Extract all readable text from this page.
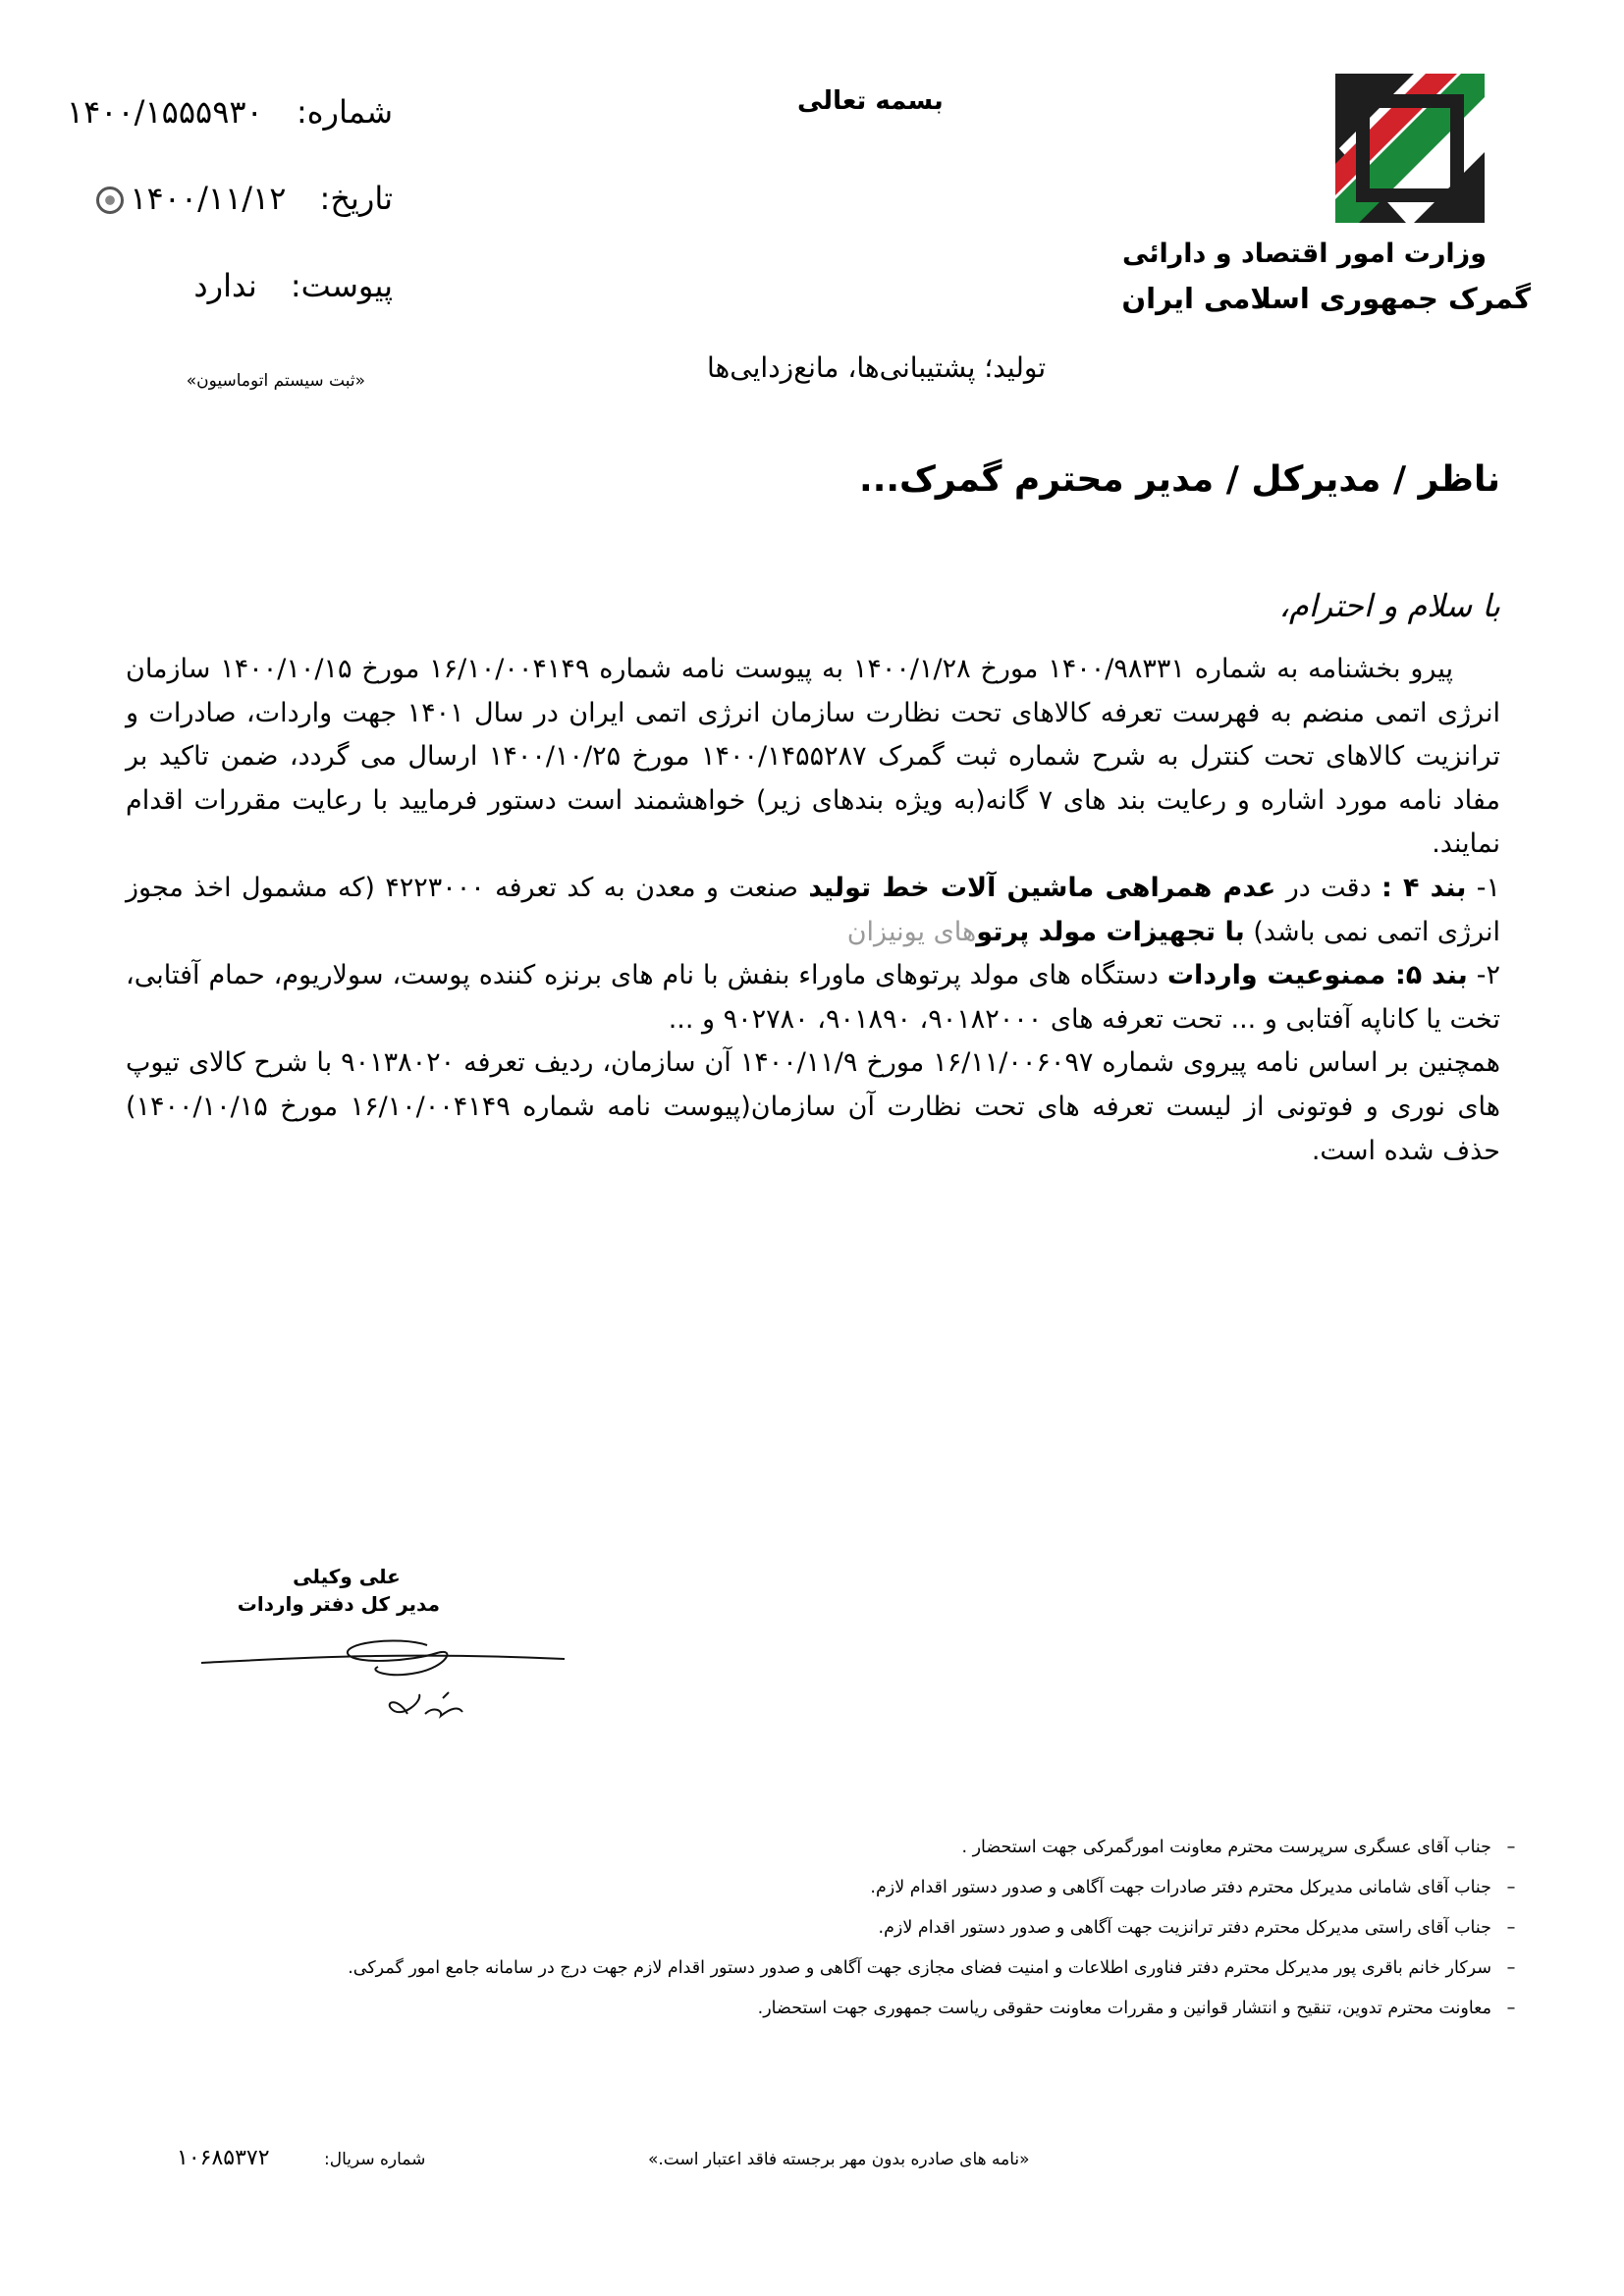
وزارت امور اقتصاد و دارائی
گمرک جمهوری اسلامی ایران
بسمه تعالی
شماره: ۱۴۰۰/۱۵۵۵۹۳۰
تاریخ: ۱۴۰۰/۱۱/۱۲
پیوست: ندارد
«ثبت سیستم اتوماسیون»	تولید؛ پشتیبانی‌ها، مانع‌زدایی‌ها
ناظر / مدیرکل / مدیر محترم گمرک...
با سلام و احترام،

پیرو بخشنامه به شماره ۱۴۰۰/۹۸۳۳۱ مورخ ۱۴۰۰/۱/۲۸ به پیوست نامه شماره ۱۶/۱۰/۰۰۴۱۴۹ مورخ ۱۴۰۰/۱۰/۱۵ سازمان انرژی اتمی منضم به فهرست تعرفه کالاهای تحت نظارت سازمان انرژی اتمی ایران در سال ۱۴۰۱ جهت واردات، صادرات و ترانزیت کالاهای تحت کنترل به شرح شماره ثبت گمرک ۱۴۰۰/۱۴۵۵۲۸۷ مورخ ۱۴۰۰/۱۰/۲۵ ارسال می گردد، ضمن تاکید بر مفاد نامه مورد اشاره و رعایت بند های ۷ گانه(به ویژه بندهای زیر) خواهشمند است دستور فرمایید با رعایت مقررات اقدام نمایند.

۱- بند ۴ : دقت در عدم همراهی ماشین آلات خط تولید صنعت و معدن به کد تعرفه ۴۲۲۳۰۰۰ (که مشمول اخذ مجوز انرژی اتمی نمی باشد) با تجهیزات مولد پرتوهای یونیزان

۲- بند ۵: ممنوعیت واردات دستگاه های مولد پرتوهای ماوراء بنفش با نام های برنزه کننده پوست، سولاریوم، حمام آفتابی، تخت یا کاناپه آفتابی و ... تحت تعرفه های ۹۰۱۸۲۰۰۰، ۹۰۱۸۹۰، ۹۰۲۷۸۰ و ...

همچنین بر اساس نامه پیروی شماره ۱۶/۱۱/۰۰۶۰۹۷ مورخ ۱۴۰۰/۱۱/۹ آن سازمان، ردیف تعرفه ۹۰۱۳۸۰۲۰ با شرح کالای تیوپ های نوری و فوتونی از لیست تعرفه های تحت نظارت آن سازمان(پیوست نامه شماره ۱۶/۱۰/۰۰۴۱۴۹ مورخ ۱۴۰۰/۱۰/۱۵) حذف شده است.

علی وکیلی
مدیر کل دفتر واردات
–
جناب آقای عسگری سرپرست محترم معاونت امورگمرکی جهت استحضار .
–
جناب آقای شامانی مدیرکل محترم دفتر صادرات جهت آگاهی و صدور دستور اقدام لازم.
–
جناب آقای راستی مدیرکل محترم دفتر ترانزیت جهت آگاهی و صدور دستور اقدام لازم.
–
سرکار خانم باقری پور مدیرکل محترم دفتر فناوری اطلاعات و امنیت فضای مجازی جهت آگاهی و صدور دستور اقدام لازم جهت درج در سامانه جامع امور گمرکی.
–
معاونت محترم تدوین، تنقیح و انتشار قوانین و مقررات معاونت حقوقی ریاست جمهوری جهت استحضار.
«نامه های صادره بدون مهر برجسته فاقد اعتبار است.»
شماره سریال:
۱۰۶۸۵۳۷۲
